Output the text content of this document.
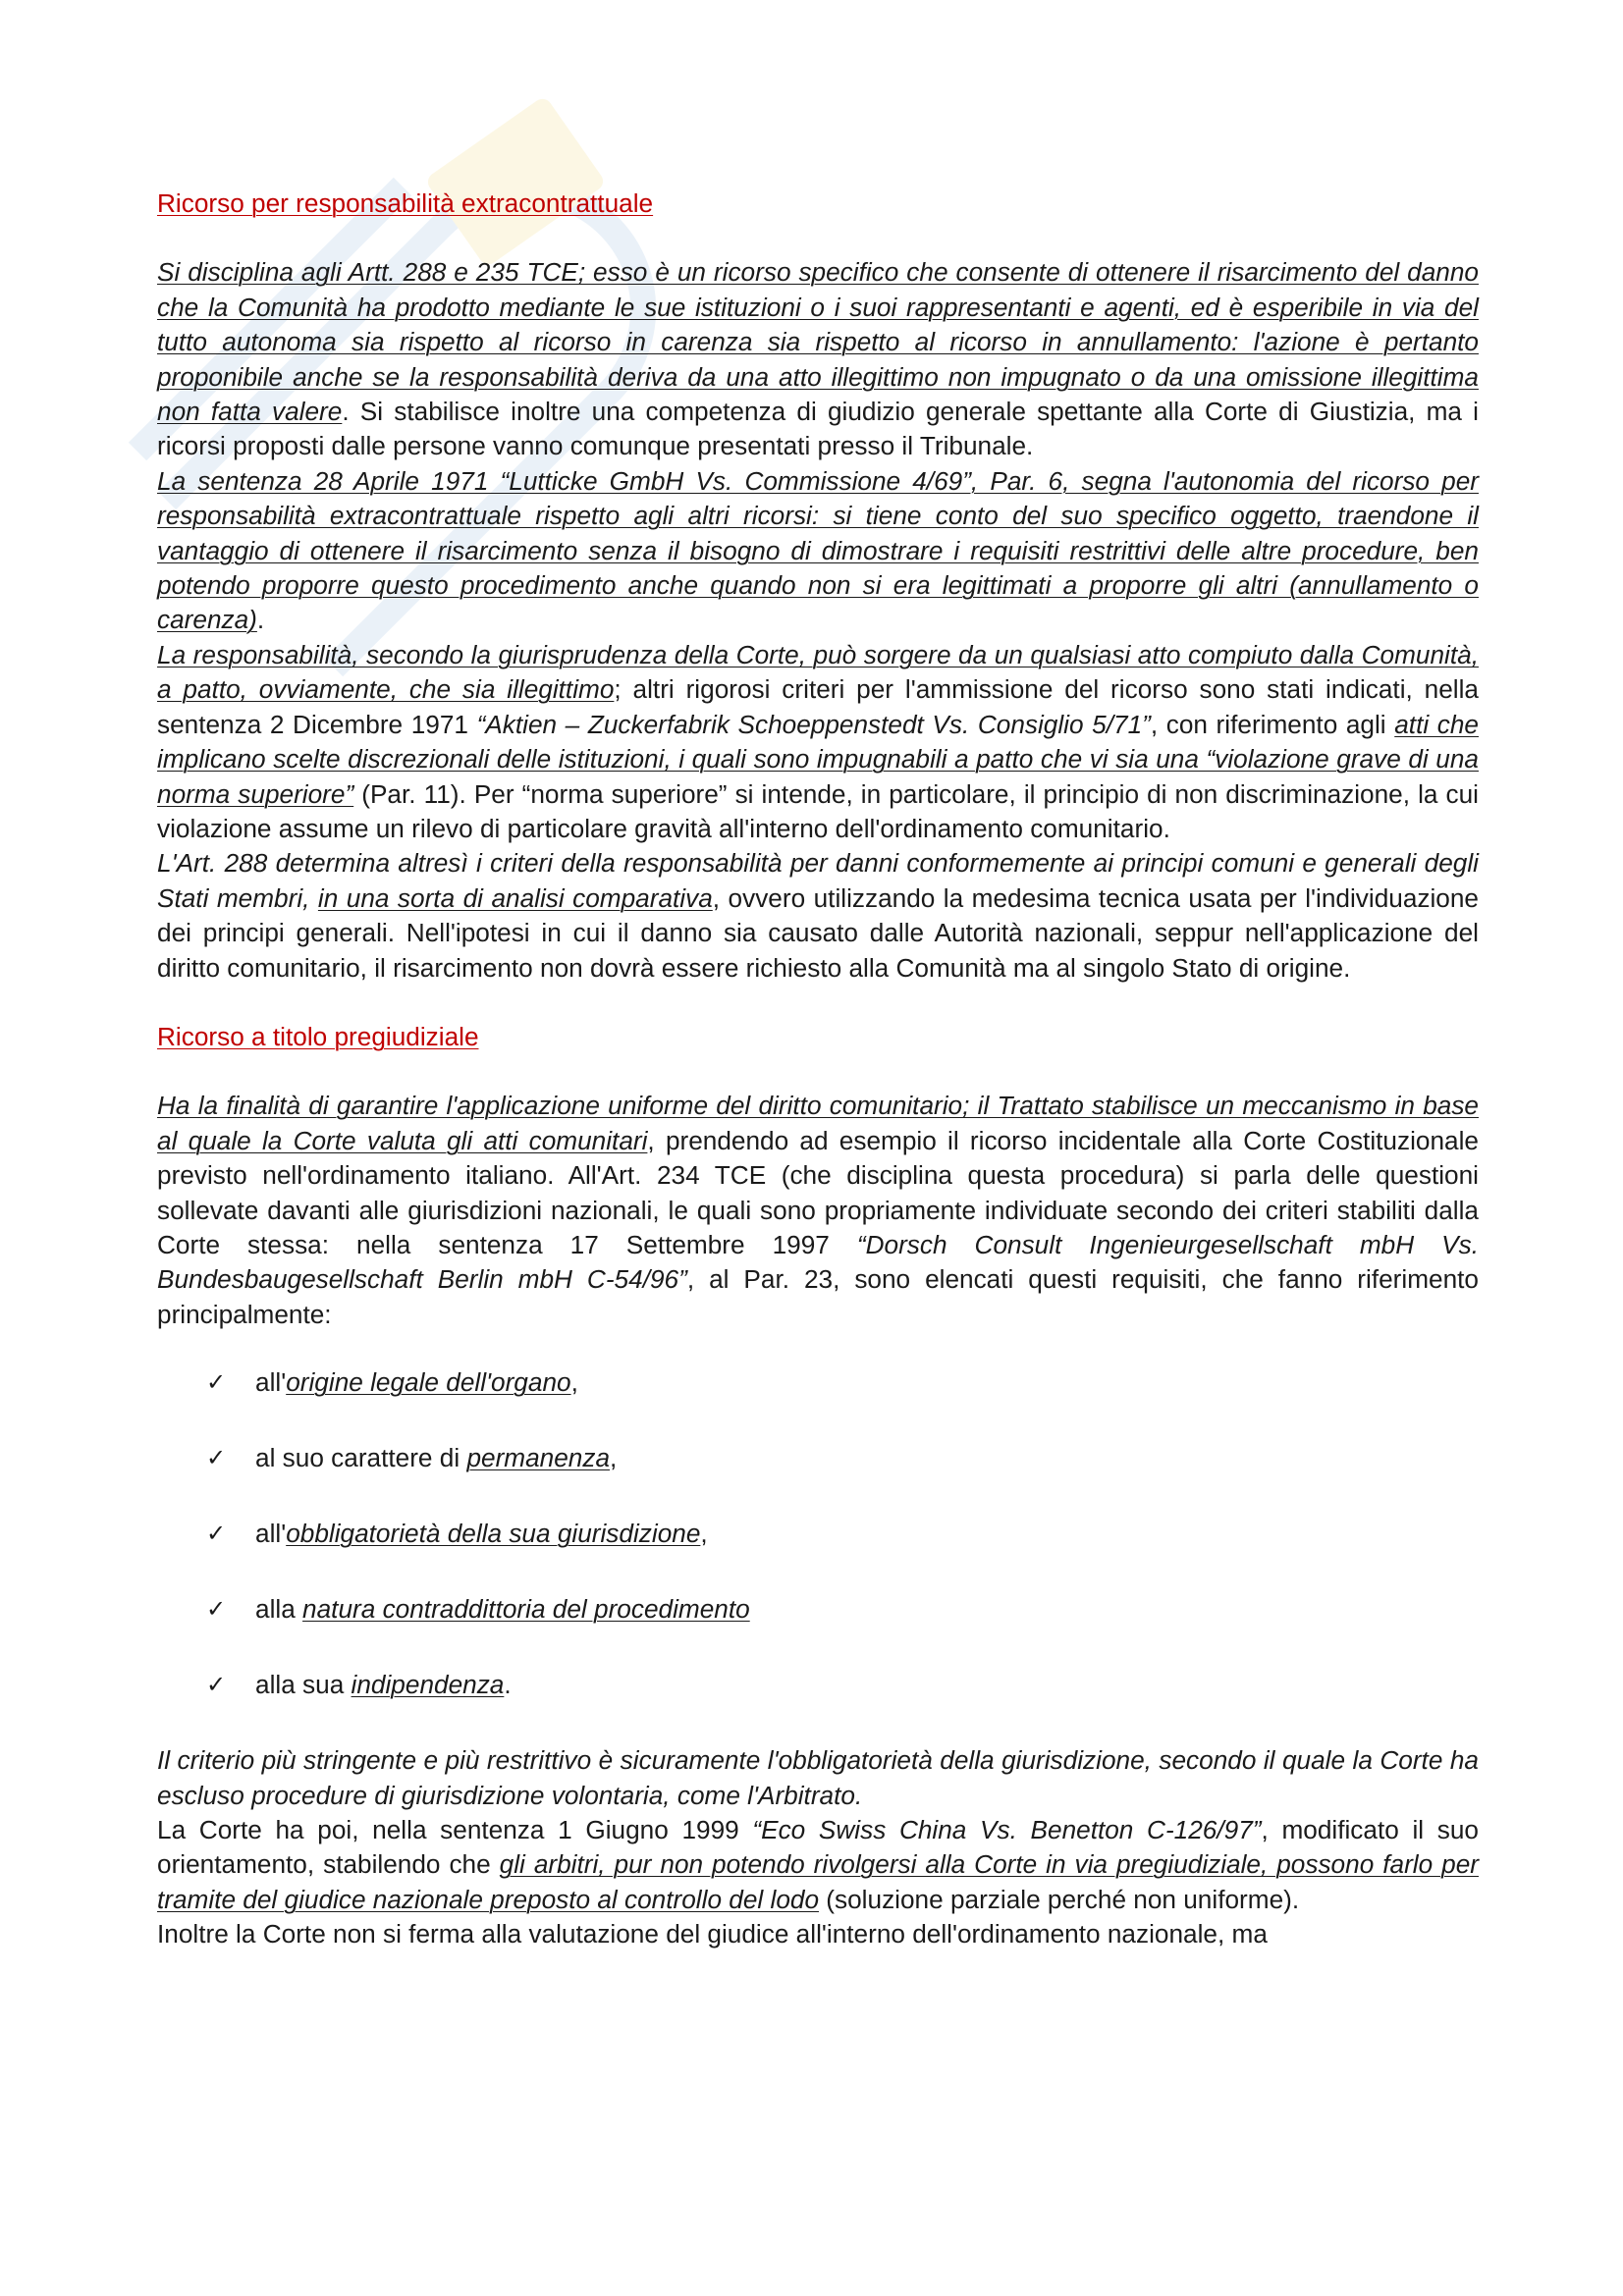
Ricorso per responsabilità extracontrattuale

Si disciplina agli Artt. 288 e 235 TCE; esso è un ricorso specifico che consente di ottenere il risarcimento del danno che la Comunità ha prodotto mediante le sue istituzioni o i suoi rappresentanti e agenti, ed è esperibile in via del tutto autonoma sia rispetto al ricorso in carenza sia rispetto al ricorso in annullamento: l'azione è pertanto proponibile anche se la responsabilità deriva da una atto illegittimo non impugnato o da una omissione illegittima non fatta valere. Si stabilisce inoltre una competenza di giudizio generale spettante alla Corte di Giustizia, ma i ricorsi proposti dalle persone vanno comunque presentati presso il Tribunale.

La sentenza 28 Aprile 1971 “Lutticke GmbH Vs. Commissione 4/69”, Par. 6, segna l'autonomia del ricorso per responsabilità extracontrattuale rispetto agli altri ricorsi: si tiene conto del suo specifico oggetto, traendone il vantaggio di ottenere il risarcimento senza il bisogno di dimostrare i requisiti restrittivi delle altre procedure, ben potendo proporre questo procedimento anche quando non si era legittimati a proporre gli altri (annullamento o carenza).

La responsabilità, secondo la giurisprudenza della Corte, può sorgere da un qualsiasi atto compiuto dalla Comunità, a patto, ovviamente, che sia illegittimo; altri rigorosi criteri per l'ammissione del ricorso sono stati indicati, nella sentenza 2 Dicembre 1971 “Aktien – Zuckerfabrik Schoeppenstedt Vs. Consiglio 5/71”, con riferimento agli atti che implicano scelte discrezionali delle istituzioni, i quali sono impugnabili a patto che vi sia una “violazione grave di una norma superiore” (Par. 11). Per “norma superiore” si intende, in particolare, il principio di non discriminazione, la cui violazione assume un rilevo di particolare gravità all'interno dell'ordinamento comunitario.

L'Art. 288 determina altresì i criteri della responsabilità per danni conformemente ai principi comuni e generali degli Stati membri, in una sorta di analisi comparativa, ovvero utilizzando la medesima tecnica usata per l'individuazione dei principi generali. Nell'ipotesi in cui il danno sia causato dalle Autorità nazionali, seppur nell'applicazione del diritto comunitario, il risarcimento non dovrà essere richiesto alla Comunità ma al singolo Stato di origine.

Ricorso a titolo pregiudiziale

Ha la finalità di garantire l'applicazione uniforme del diritto comunitario; il Trattato stabilisce un meccanismo in base al quale la Corte valuta gli atti comunitari, prendendo ad esempio il ricorso incidentale alla Corte Costituzionale previsto nell'ordinamento italiano. All'Art. 234 TCE (che disciplina questa procedura) si parla delle questioni sollevate davanti alle giurisdizioni nazionali, le quali sono propriamente individuate secondo dei criteri stabiliti dalla Corte stessa: nella sentenza 17 Settembre 1997 “Dorsch Consult Ingenieurgesellschaft mbH Vs. Bundesbaugesellschaft Berlin mbH C-54/96”, al Par. 23, sono elencati questi requisiti, che fanno riferimento principalmente:

✓ all'origine legale dell'organo,
✓ al suo carattere di permanenza,
✓ all'obbligatorietà della sua giurisdizione,
✓ alla natura contraddittoria del procedimento
✓ alla sua indipendenza.

Il criterio più stringente e più restrittivo è sicuramente l'obbligatorietà della giurisdizione, secondo il quale la Corte ha escluso procedure di giurisdizione volontaria, come l'Arbitrato.

La Corte ha poi, nella sentenza 1 Giugno 1999 “Eco Swiss China Vs. Benetton C-126/97”, modificato il suo orientamento, stabilendo che gli arbitri, pur non potendo rivolgersi alla Corte in via pregiudiziale, possono farlo per tramite del giudice nazionale preposto al controllo del lodo (soluzione parziale perché non uniforme).

Inoltre la Corte non si ferma alla valutazione del giudice all'interno dell'ordinamento nazionale, ma
